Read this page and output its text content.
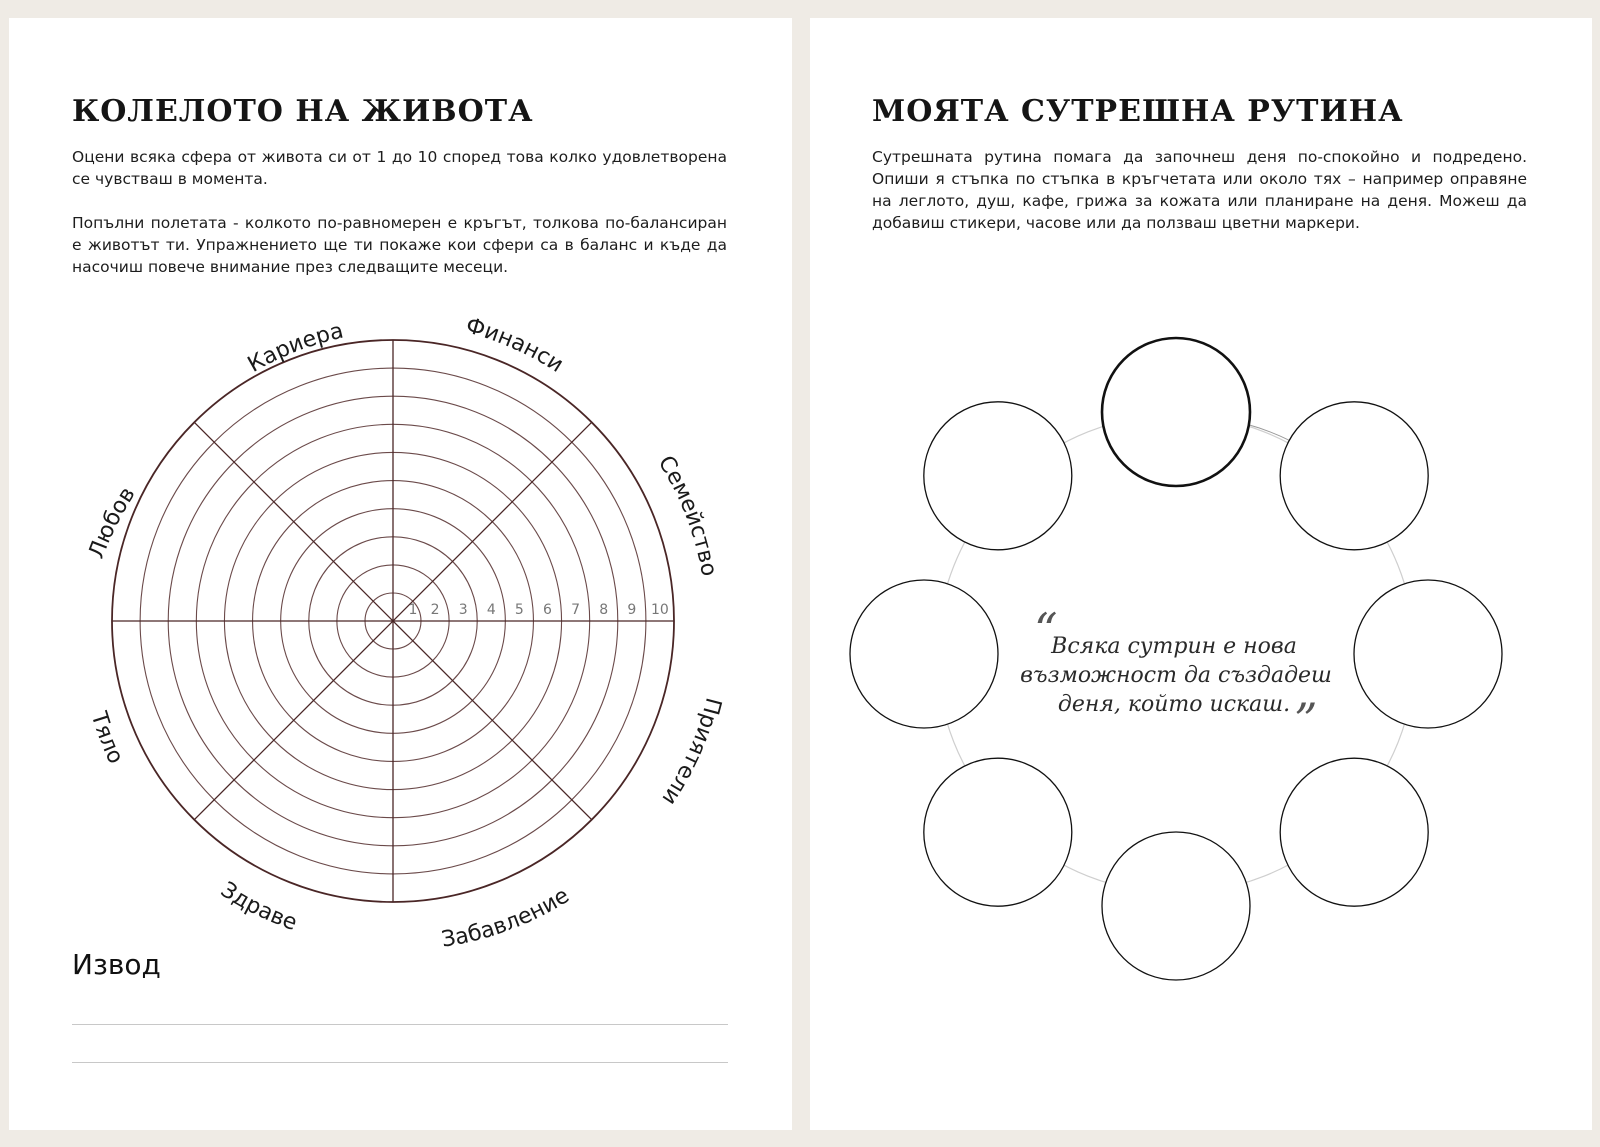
КОЛЕЛОТО НА ЖИВОТА

Оцени всяка сфера от живота си от 1 до 10 според това колко удовлетворена се чувстваш в момента.

Попълни полетата - колкото по-равномерен е кръгът, толкова по-балансиран е животът ти. Упражнението ще ти покаже кои сфери са в баланс и къде да насочиш повече внимание през следващите месеци.

1 2 3 4 5 6 7 8 9 10
Кариера	Финанси
Семейство
Приятели
Забавление
Здраве
Тяло
Любов
Извод
МОЯТА СУТРЕШНА РУТИНА

Сутрешната рутина помага да започнеш деня по-спокойно и подредено. Опиши я стъпка по стъпка в кръгчетата или около тях – например оправяне на леглото, душ, кафе, грижа за кожата или планиране на деня. Можеш да добавиш стикери, часове или да ползваш цветни маркери.

“
Всяка сутрин е нова
възможност да създадеш
деня, който искаш. ”
